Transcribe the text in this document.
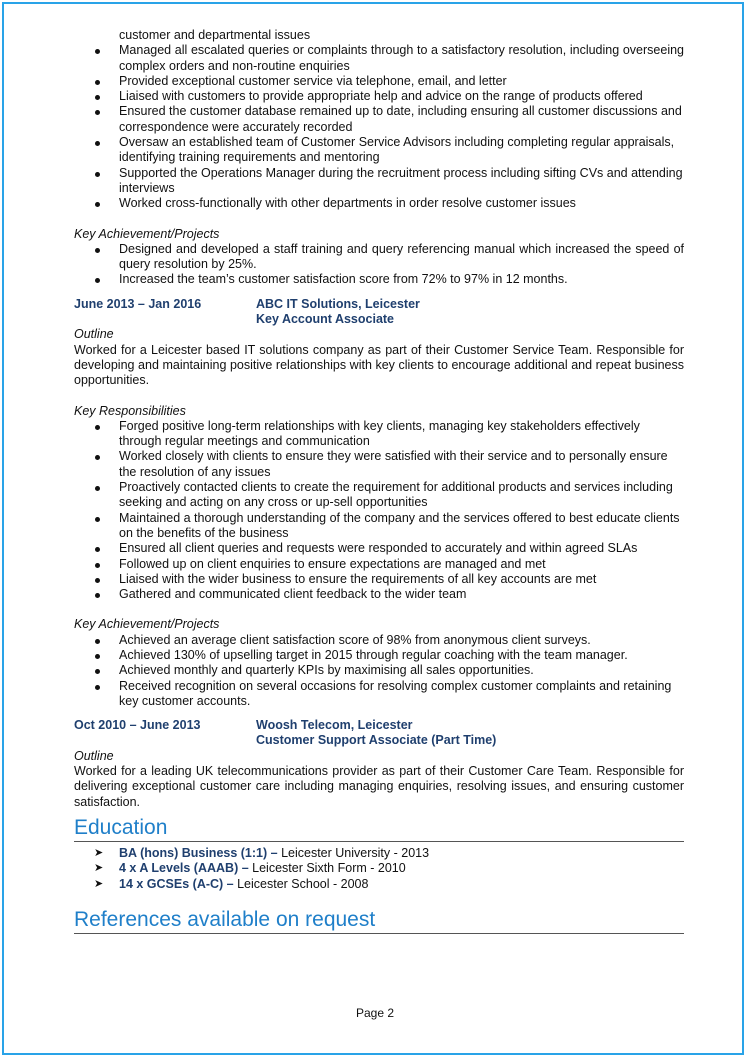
customer and departmental issues
Managed all escalated queries or complaints through to a satisfactory resolution, including overseeing complex orders and non-routine enquiries
Provided exceptional customer service via telephone, email, and letter
Liaised with customers to provide appropriate help and advice on the range of products offered
Ensured the customer database remained up to date, including ensuring all customer discussions and correspondence were accurately recorded
Oversaw an established team of Customer Service Advisors including completing regular appraisals, identifying training requirements and mentoring
Supported the Operations Manager during the recruitment process including sifting CVs and attending interviews
Worked cross-functionally with other departments in order resolve customer issues
Key Achievement/Projects
Designed and developed a staff training and query referencing manual which increased the speed of query resolution by 25%.
Increased the team’s customer satisfaction score from 72% to 97% in 12 months.
June 2013 – Jan 2016	ABC IT Solutions, Leicester
Key Account Associate
Outline
Worked for a Leicester based IT solutions company as part of their Customer Service Team. Responsible for developing and maintaining positive relationships with key clients to encourage additional and repeat business opportunities.
Key Responsibilities
Forged positive long-term relationships with key clients, managing key stakeholders effectively through regular meetings and communication
Worked closely with clients to ensure they were satisfied with their service and to personally ensure the resolution of any issues
Proactively contacted clients to create the requirement for additional products and services including seeking and acting on any cross or up-sell opportunities
Maintained a thorough understanding of the company and the services offered to best educate clients on the benefits of the business
Ensured all client queries and requests were responded to accurately and within agreed SLAs
Followed up on client enquiries to ensure expectations are managed and met
Liaised with the wider business to ensure the requirements of all key accounts are met
Gathered and communicated client feedback to the wider team
Key Achievement/Projects
Achieved an average client satisfaction score of 98% from anonymous client surveys.
Achieved 130% of upselling target in 2015 through regular coaching with the team manager.
Achieved monthly and quarterly KPIs by maximising all sales opportunities.
Received recognition on several occasions for resolving complex customer complaints and retaining key customer accounts.
Oct 2010 – June 2013	Woosh Telecom, Leicester
Customer Support Associate (Part Time)
Outline
Worked for a leading UK telecommunications provider as part of their Customer Care Team. Responsible for delivering exceptional customer care including managing enquiries, resolving issues, and ensuring customer satisfaction.
Education
➤ BA (hons) Business (1:1) – Leicester University - 2013
➤ 4 x A Levels (AAAB) – Leicester Sixth Form - 2010
➤ 14 x GCSEs (A-C) – Leicester School - 2008
References available on request
Page 2
